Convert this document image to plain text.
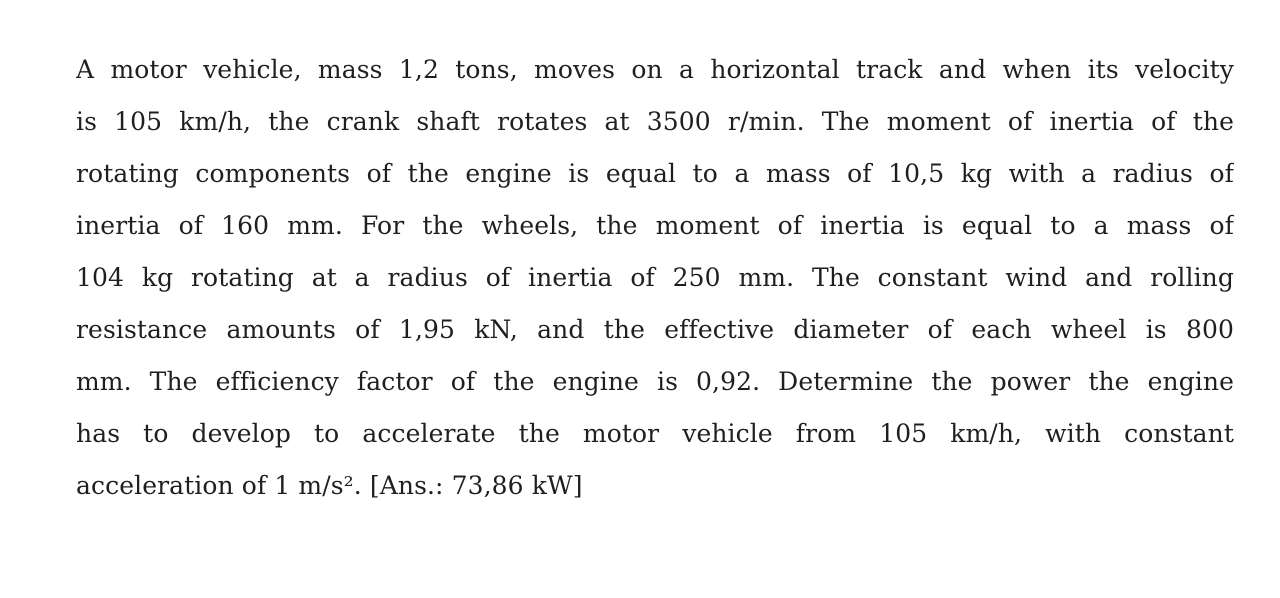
A motor vehicle, mass 1,2 tons, moves on a horizontal track and when its velocity
is 105 km/h, the crank shaft rotates at 3500 r/min. The moment of inertia of the
rotating components of the engine is equal to a mass of 10,5 kg with a radius of
inertia of 160 mm. For the wheels, the moment of inertia is equal to a mass of
104 kg rotating at a radius of inertia of 250 mm. The constant wind and rolling
resistance amounts of 1,95 kN, and the effective diameter of each wheel is 800
mm. The efficiency factor of the engine is 0,92. Determine the power the engine
has to develop to accelerate the motor vehicle from 105 km/h, with constant
acceleration of 1 m/s². [Ans.: 73,86 kW]
